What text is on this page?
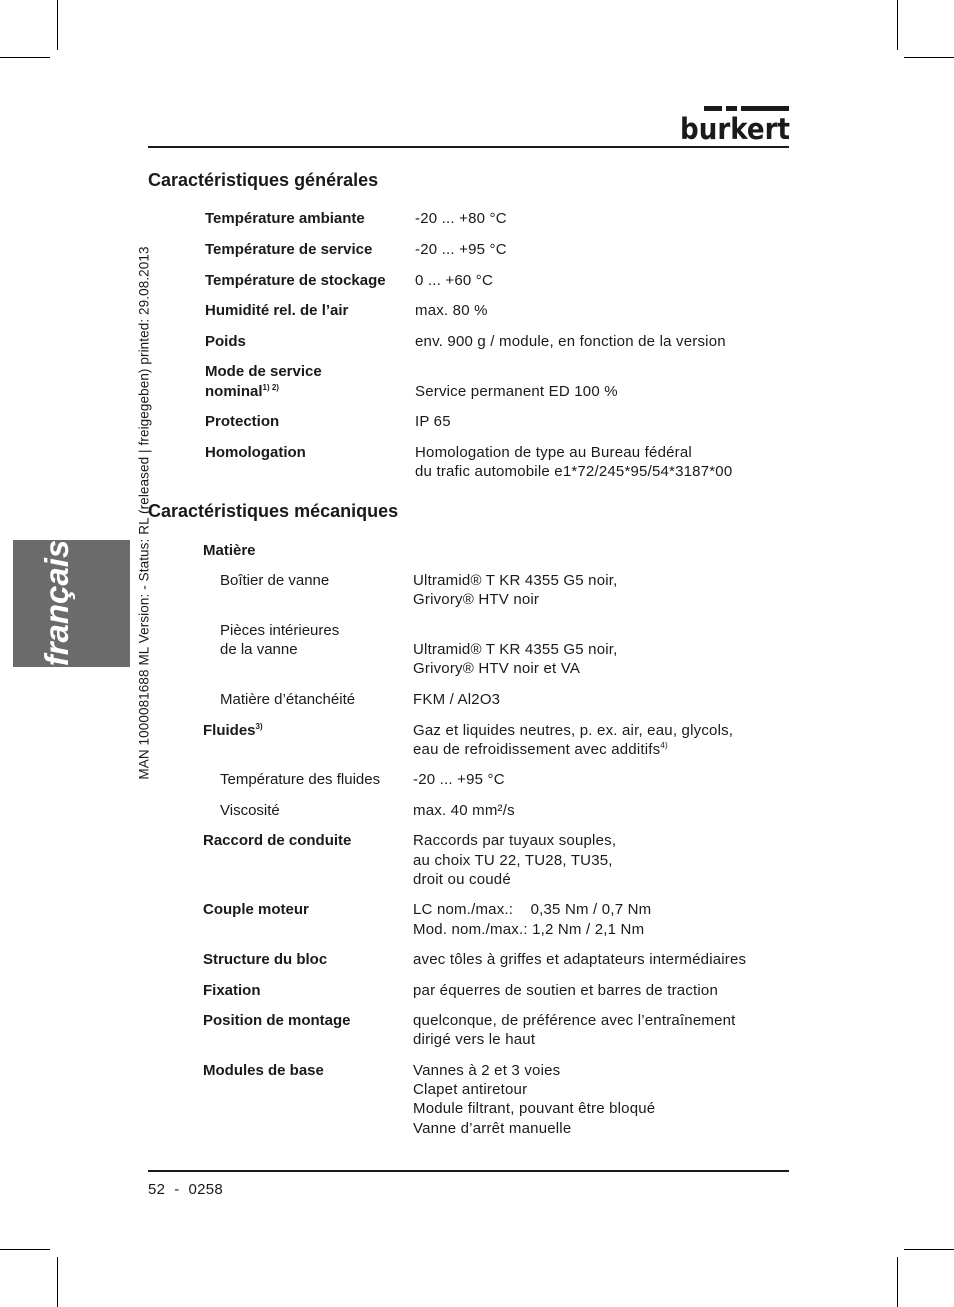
burkert
français	MAN 1000081688 ML Version: - Status: RL (released | freigegeben) printed: 29.08.2013
Caractéristiques générales
Température ambiante	-20 ... +80 °C
Température de service	-20 ... +95 °C
Température de stockage 0 ... +60 °C
Humidité rel. de l’air	max. 80 %
Poids	env. 900 g / module, en fonction de la version
Mode de service
nominal$^{1) 2)}$	Service permanent ED 100 %
Protection	IP 65
Homologation	Homologation de type au Bureau fédéral
du trafic automobile e1*72/245*95/54*3187*00
Caractéristiques mécaniques
Matière
Boîtier de vanne	Ultramid® T KR 4355 G5 noir,
Grivory® HTV noir
Pièces intérieures
de la vanne	Ultramid® T KR 4355 G5 noir,
Grivory® HTV noir et VA
Matière d’étanchéité	FKM / Al2O3
Fluides$^{3)}$	Gaz et liquides neutres, p. ex. air, eau, glycols,
eau de refroidissement avec additifs$^{4)}$
Température des fluides -20 ... +95 °C
Viscosité	max. 40 mm²/s
Raccord de conduite	Raccords par tuyaux souples,
au choix TU 22, TU28, TU35,
droit ou coudé
Couple moteur	LC nom./max.:    0,35 Nm / 0,7 Nm
Mod. nom./max.: 1,2 Nm / 2,1 Nm
Structure du bloc	avec tôles à griffes et adaptateurs intermédiaires
Fixation	par équerres de soutien et barres de traction
Position de montage	quelconque, de préférence avec l’entraînement
dirigé vers le haut
Modules de base	Vannes à 2 et 3 voies
Clapet antiretour
Module filtrant, pouvant être bloqué
Vanne d’arrêt manuelle
52  -  0258
